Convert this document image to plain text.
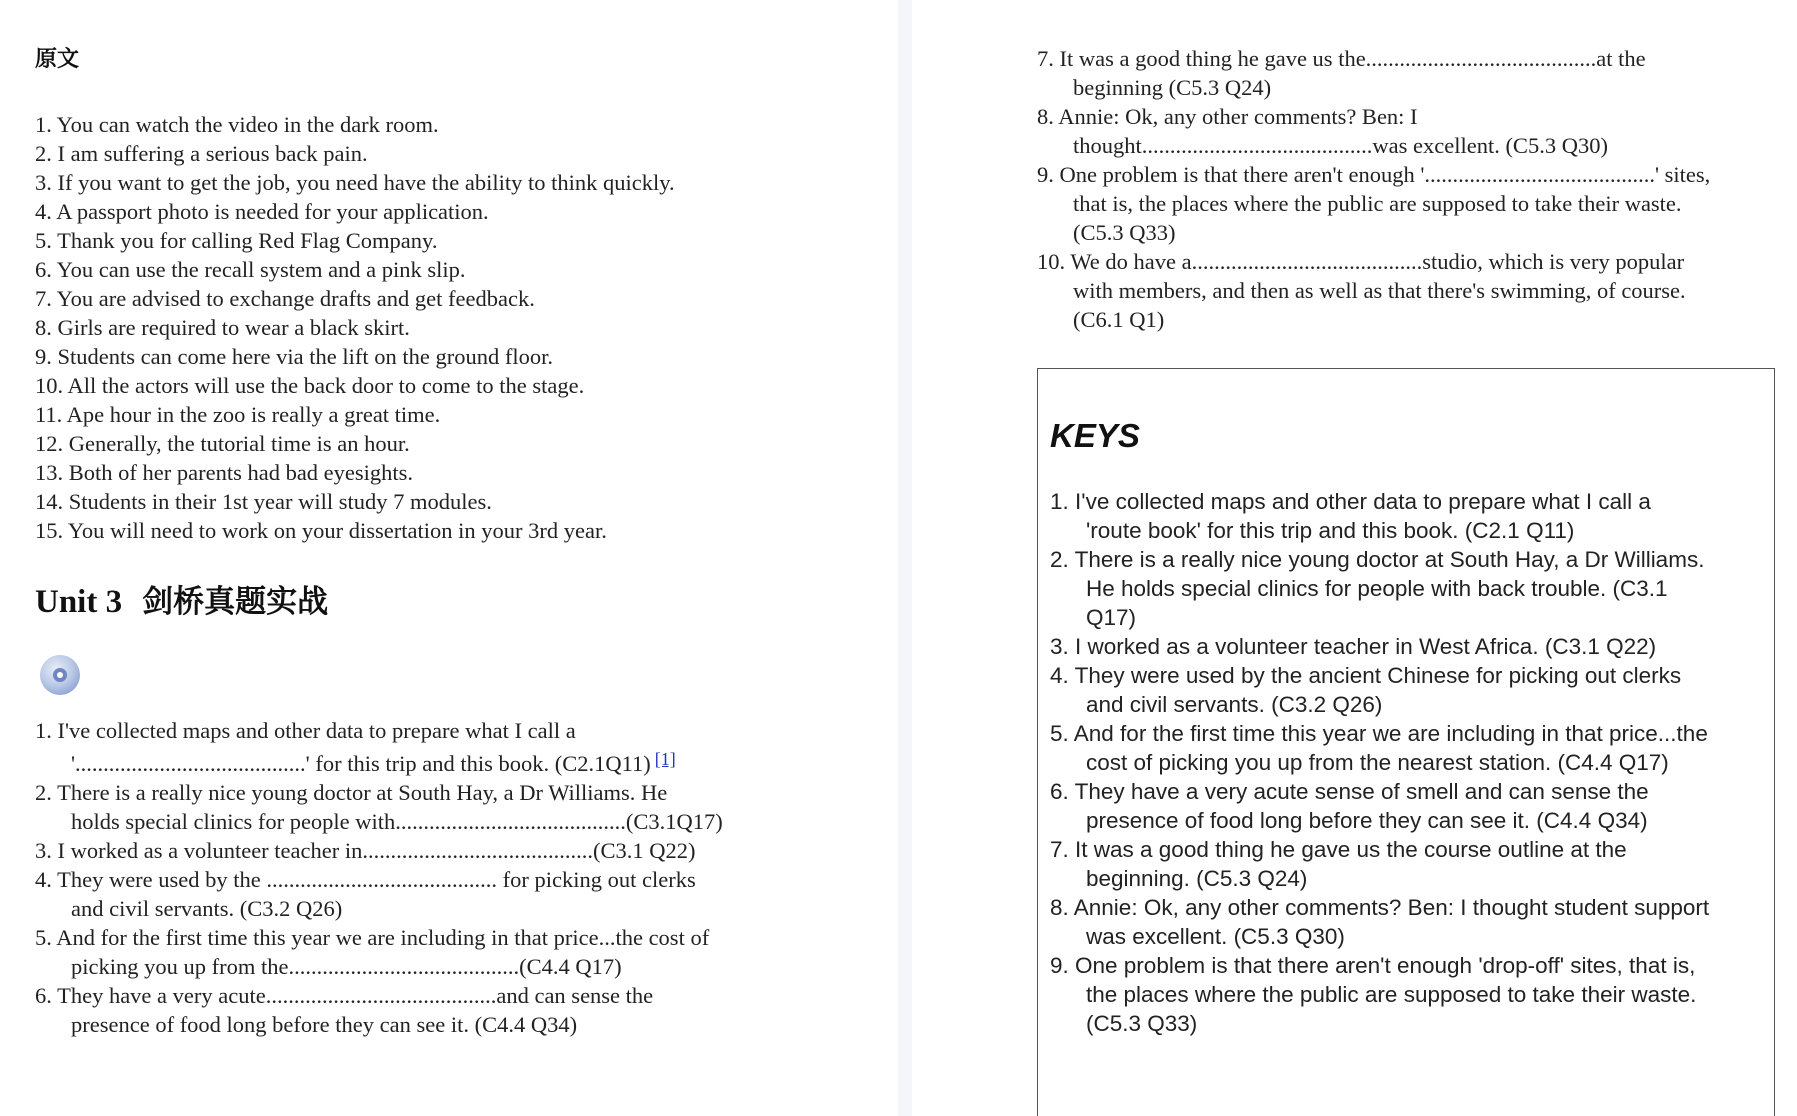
原文
1. You can watch the video in the dark room.
2. I am suffering a serious back pain.
3. If you want to get the job, you need have the ability to think quickly.
4. A passport photo is needed for your application.
5. Thank you for calling Red Flag Company.
6. You can use the recall system and a pink slip.
7. You are advised to exchange drafts and get feedback.
8. Girls are required to wear a black skirt.
9. Students can come here via the lift on the ground floor.
10. All the actors will use the back door to come to the stage.
11. Ape hour in the zoo is really a great time.
12. Generally, the tutorial time is an hour.
13. Both of her parents had bad eyesights.
14. Students in their 1st year will study 7 modules.
15. You will need to work on your dissertation in your 3rd year.
Unit 3 剑桥真题实战
1. I've collected maps and other data to prepare what I call a
'.........................................' for this trip and this book. (C2.1Q11) [1]
2. There is a really nice young doctor at South Hay, a Dr Williams. He
holds special clinics for people with.........................................(C3.1Q17)
3. I worked as a volunteer teacher in.........................................(C3.1 Q22)
4. They were used by the ......................................... for picking out clerks
and civil servants. (C3.2 Q26)
5. And for the first time this year we are including in that price...the cost of
picking you up from the.........................................(C4.4 Q17)
6. They have a very acute.........................................and can sense the
presence of food long before they can see it. (C4.4 Q34)
7. It was a good thing he gave us the.........................................at the
beginning (C5.3 Q24)
8. Annie: Ok, any other comments? Ben: I
thought.........................................was excellent. (C5.3 Q30)
9. One problem is that there aren't enough '.........................................' sites,
that is, the places where the public are supposed to take their waste.
(C5.3 Q33)
10. We do have a.........................................studio, which is very popular
with members, and then as well as that there's swimming, of course.
(C6.1 Q1)
KEYS
1. I've collected maps and other data to prepare what I call a
'route book' for this trip and this book. (C2.1 Q11)
2. There is a really nice young doctor at South Hay, a Dr Williams.
He holds special clinics for people with back trouble. (C3.1
Q17)
3. I worked as a volunteer teacher in West Africa. (C3.1 Q22)
4. They were used by the ancient Chinese for picking out clerks
and civil servants. (C3.2 Q26)
5. And for the first time this year we are including in that price...the
cost of picking you up from the nearest station. (C4.4 Q17)
6. They have a very acute sense of smell and can sense the
presence of food long before they can see it. (C4.4 Q34)
7. It was a good thing he gave us the course outline at the
beginning. (C5.3 Q24)
8. Annie: Ok, any other comments? Ben: I thought student support
was excellent. (C5.3 Q30)
9. One problem is that there aren't enough 'drop-off' sites, that is,
the places where the public are supposed to take their waste.
(C5.3 Q33)
